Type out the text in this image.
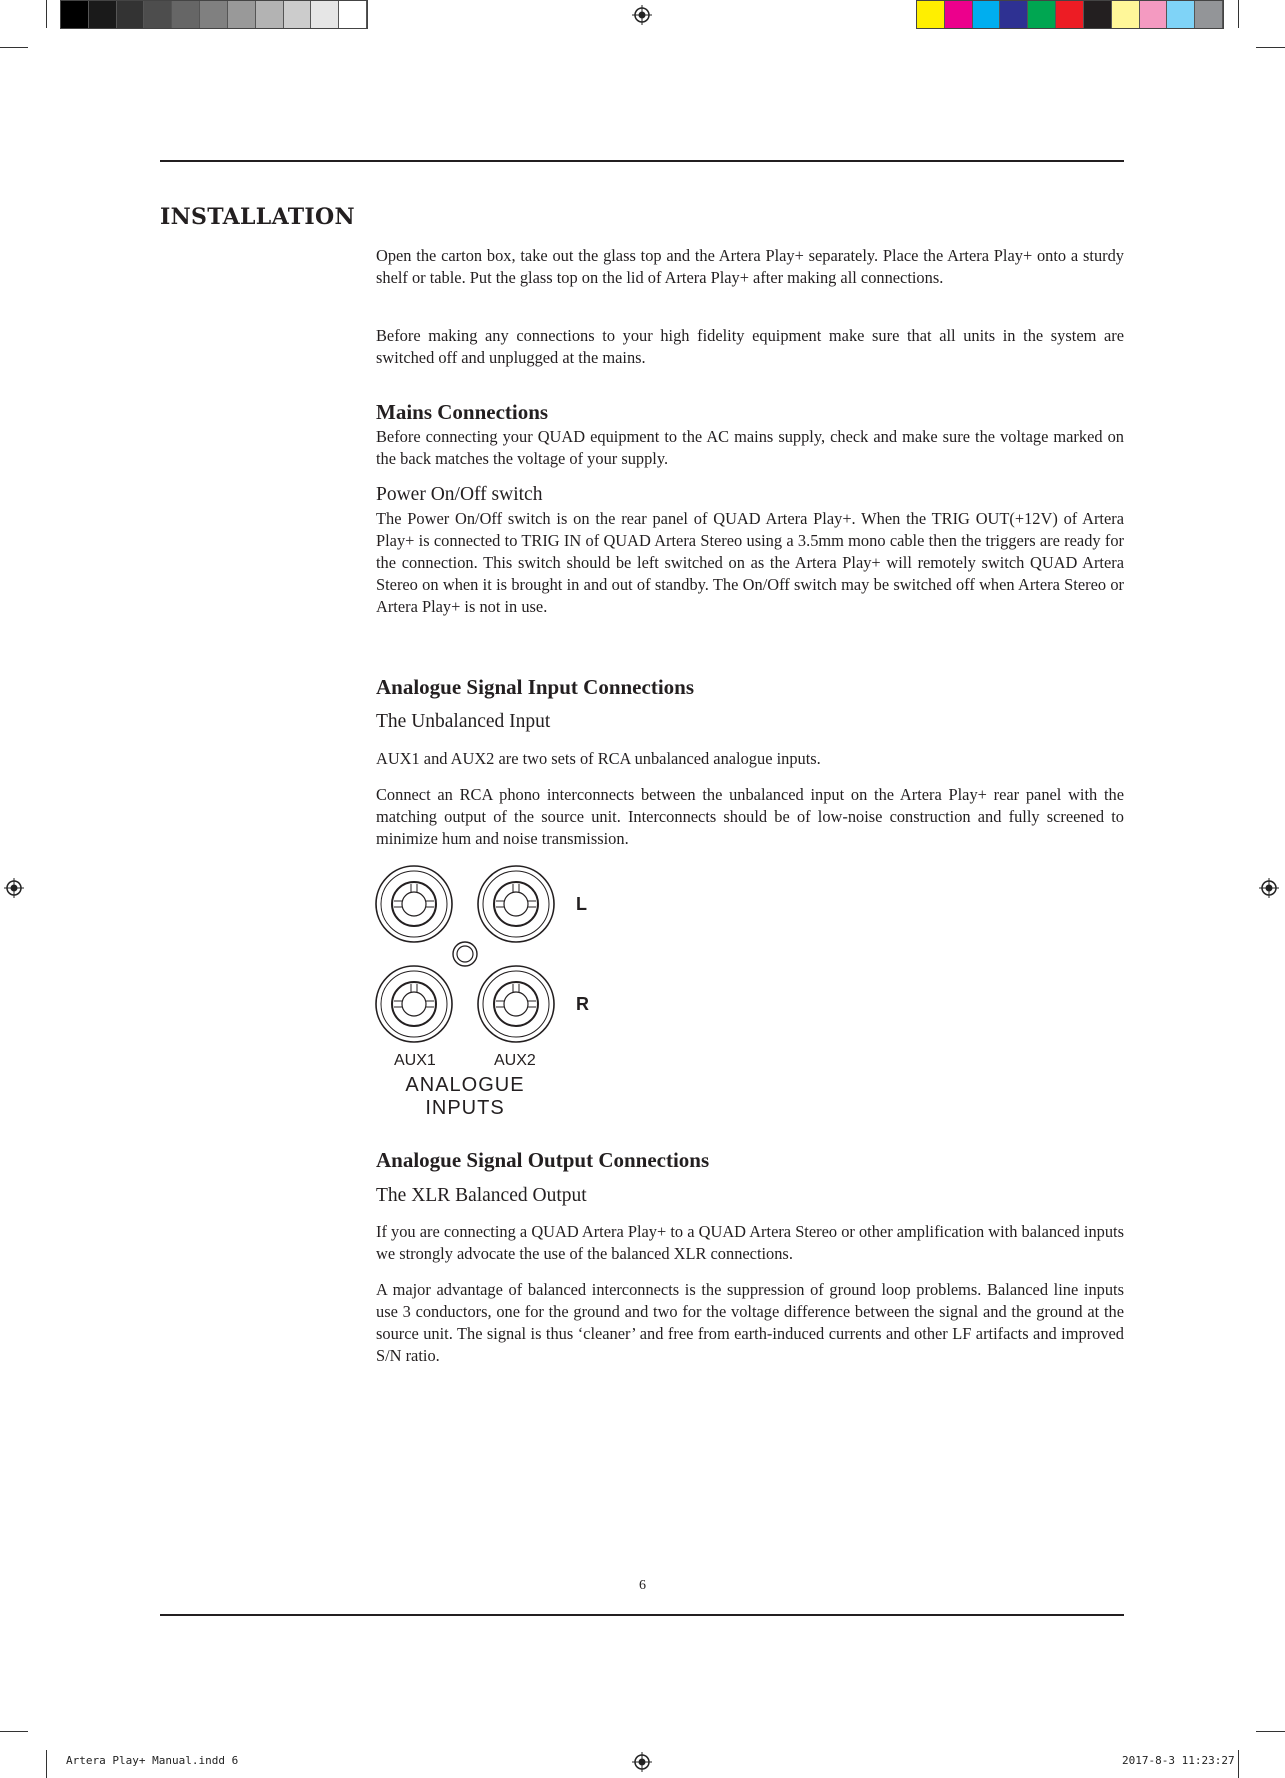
Artera Play+ Manual.indd 6	2017-8-3 11:23:27
INSTALLATION

Open the carton box, take out the glass top and the Artera Play+ separately. Place the Artera Play+ onto a sturdy shelf or table. Put the glass top on the lid of Artera Play+ after making all connections.

Before making any connections to your high fidelity equipment make sure that all units in the system are switched off and unplugged at the mains.

Mains Connections
Before connecting your QUAD equipment to the AC mains supply, check and make sure the voltage marked on the back matches the voltage of your supply.
Power On/Off switch
The Power On/Off switch is on the rear panel of QUAD Artera Play+. When the TRIG OUT(+12V) of Artera Play+ is connected to TRIG IN of QUAD Artera Stereo using a 3.5mm mono cable then the triggers are ready for the connection. This switch should be left switched on as the Artera Play+ will remotely switch QUAD Artera Stereo on when it is brought in and out of standby. The On/Off switch may be switched off when Artera Stereo or Artera Play+ is not in use.
Analogue Signal Input Connections
The Unbalanced Input
AUX1 and AUX2 are two sets of RCA unbalanced analogue inputs.
Connect an RCA phono interconnects between the unbalanced input on the Artera Play+ rear panel with the matching output of the source unit. Interconnects should be of low-noise construction and fully screened to minimize hum and noise transmission.
L
R
AUX1	AUX2
ANALOGUE
INPUTS
Analogue Signal Output Connections
The XLR Balanced Output
If you are connecting a QUAD Artera Play+ to a QUAD Artera Stereo or other amplification with balanced inputs we strongly advocate the use of the balanced XLR connections.
A major advantage of balanced interconnects is the suppression of ground loop problems. Balanced line inputs use 3 conductors, one for the ground and two for the voltage difference between the signal and the ground at the source unit. The signal is thus ‘cleaner’ and free from earth-induced currents and other LF artifacts and improved S/N ratio.
6
